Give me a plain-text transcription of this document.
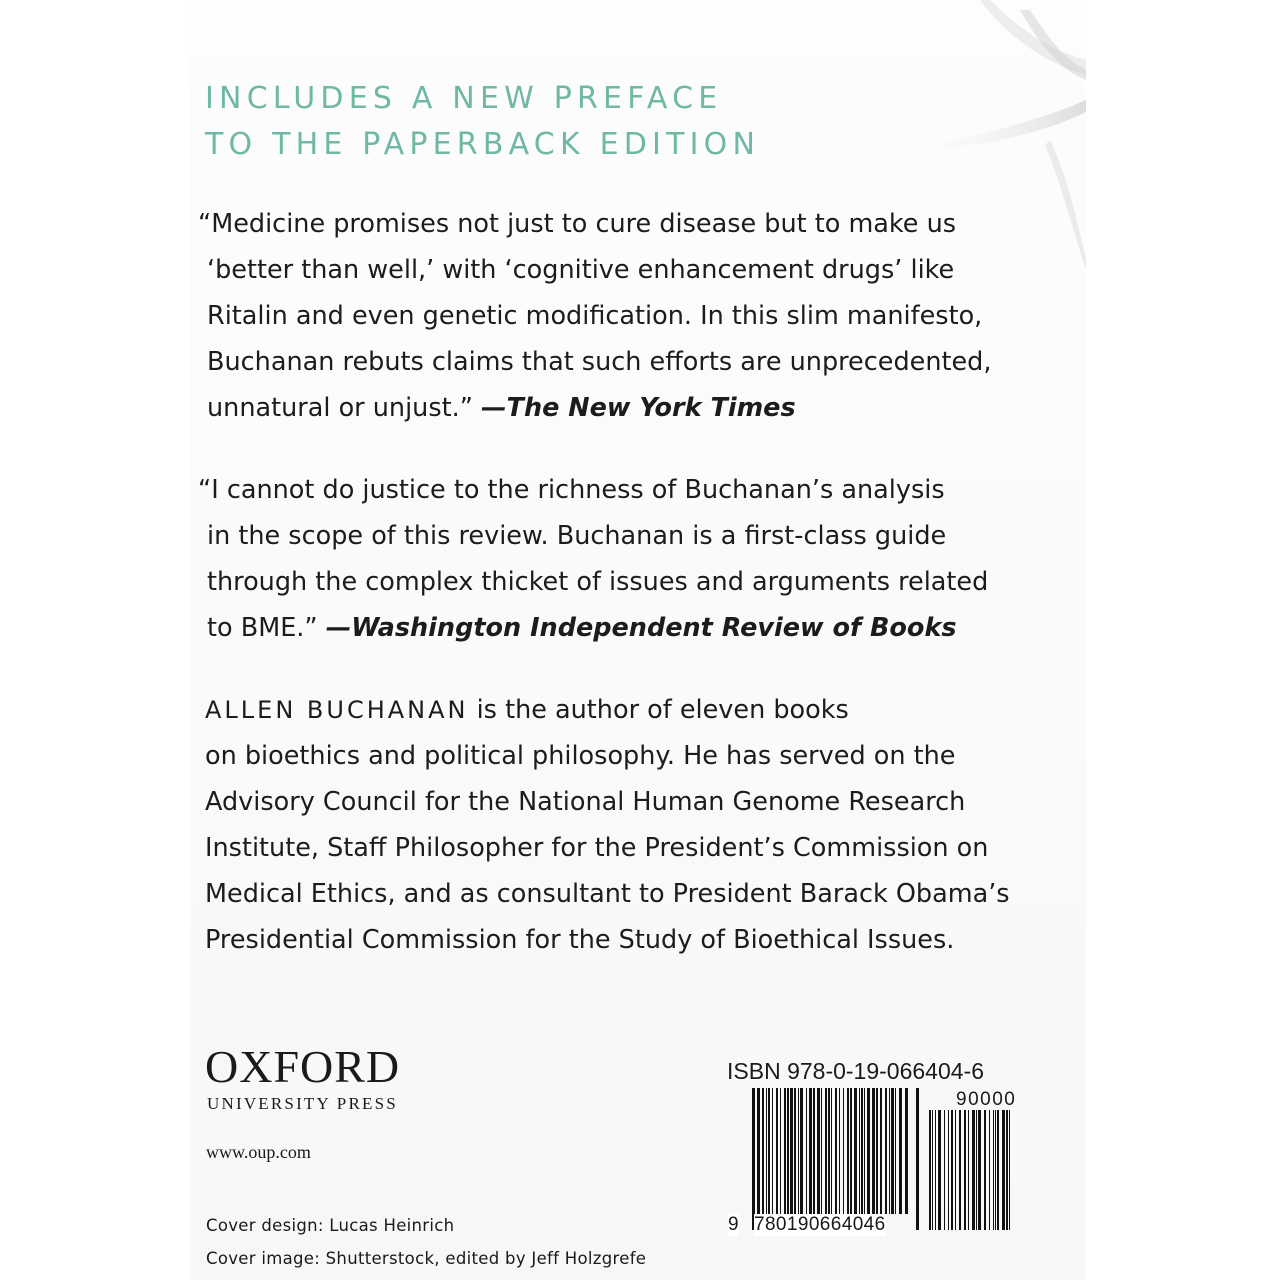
INCLUDES A NEW PREFACE
TO THE PAPERBACK EDITION
“Medicine promises not just to cure disease but to make us
‘better than well,’ with ‘cognitive enhancement drugs’ like
Ritalin and even genetic modification. In this slim manifesto,
Buchanan rebuts claims that such efforts are unprecedented,
unnatural or unjust.” —The New York Times
“I cannot do justice to the richness of Buchanan’s analysis
in the scope of this review. Buchanan is a first-class guide
through the complex thicket of issues and arguments related
to BME.” —Washington Independent Review of Books
ALLEN BUCHANAN is the author of eleven books
on bioethics and political philosophy. He has served on the
Advisory Council for the National Human Genome Research
Institute, Staff Philosopher for the President’s Commission on
Medical Ethics, and as consultant to President Barack Obama’s
Presidential Commission for the Study of Bioethical Issues.
OXFORD
UNIVERSITY PRESS
www.oup.com
Cover design: Lucas Heinrich
Cover image: Shutterstock, edited by Jeff Holzgrefe
ISBN 978-0-19-066404-6
90000
9 780190664046
